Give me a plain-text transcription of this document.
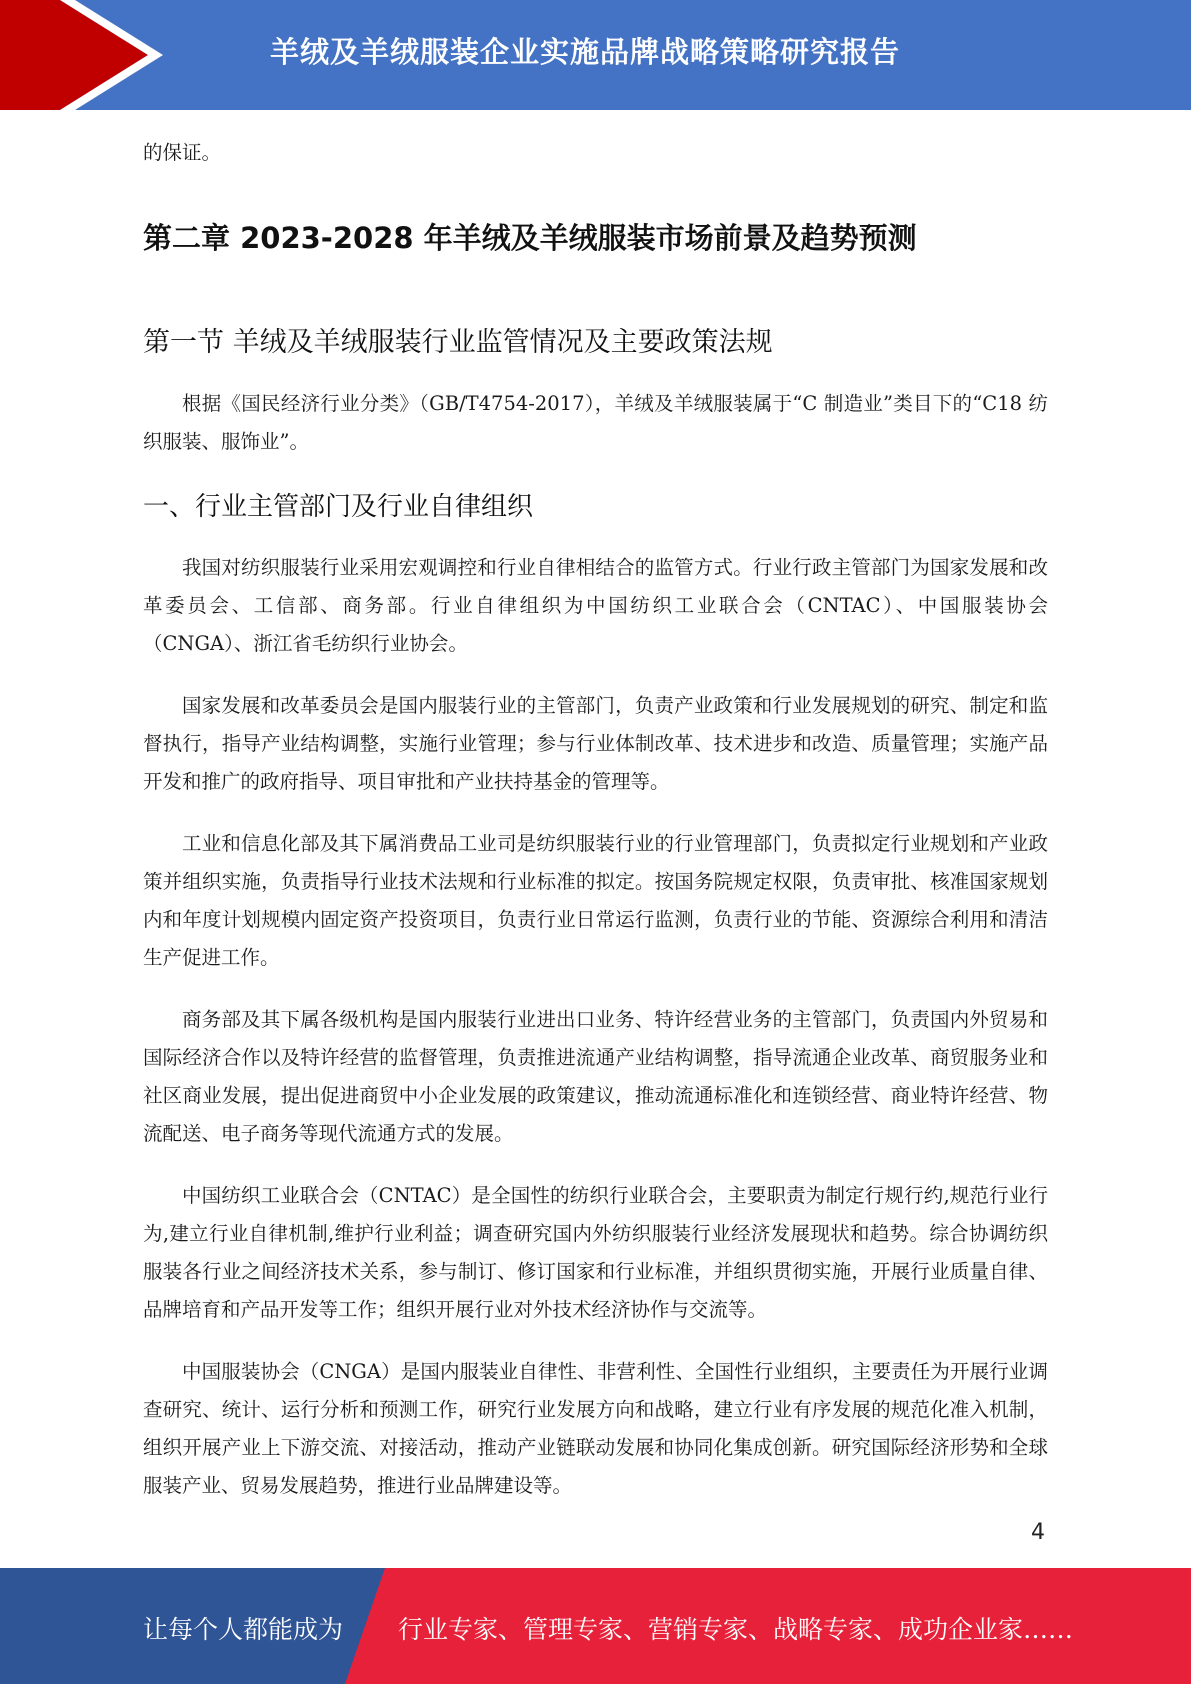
羊绒及羊绒服装企业实施品牌战略策略研究报告

的保证。

第二章 2023-2028 年羊绒及羊绒服装市场前景及趋势预测
第一节 羊绒及羊绒服装行业监管情况及主要政策法规

根据《国民经济行业分类》（GB/T4754-2017），羊绒及羊绒服装属于“C 制造业”类目下的“C18 纺织服装、服饰业”。

一、行业主管部门及行业自律组织

我国对纺织服装行业采用宏观调控和行业自律相结合的监管方式。行业行政主管部门为国家发展和改革委员会、工信部、商务部。行业自律组织为中国纺织工业联合会（CNTAC）、中国服装协会（CNGA）、浙江省毛纺织行业协会。

国家发展和改革委员会是国内服装行业的主管部门，负责产业政策和行业发展规划的研究、制定和监督执行，指导产业结构调整，实施行业管理；参与行业体制改革、技术进步和改造、质量管理；实施产品开发和推广的政府指导、项目审批和产业扶持基金的管理等。

工业和信息化部及其下属消费品工业司是纺织服装行业的行业管理部门，负责拟定行业规划和产业政策并组织实施，负责指导行业技术法规和行业标准的拟定。按国务院规定权限，负责审批、核准国家规划内和年度计划规模内固定资产投资项目，负责行业日常运行监测，负责行业的节能、资源综合利用和清洁生产促进工作。

商务部及其下属各级机构是国内服装行业进出口业务、特许经营业务的主管部门，负责国内外贸易和国际经济合作以及特许经营的监督管理，负责推进流通产业结构调整，指导流通企业改革、商贸服务业和社区商业发展，提出促进商贸中小企业发展的政策建议，推动流通标准化和连锁经营、商业特许经营、物流配送、电子商务等现代流通方式的发展。

中国纺织工业联合会（CNTAC）是全国性的纺织行业联合会，主要职责为制定行规行约,规范行业行为,建立行业自律机制,维护行业利益；调查研究国内外纺织服装行业经济发展现状和趋势。综合协调纺织服装各行业之间经济技术关系，参与制订、修订国家和行业标准，并组织贯彻实施，开展行业质量自律、品牌培育和产品开发等工作；组织开展行业对外技术经济协作与交流等。

中国服装协会（CNGA）是国内服装业自律性、非营利性、全国性行业组织，主要责任为开展行业调查研究、统计、运行分析和预测工作，研究行业发展方向和战略，建立行业有序发展的规范化准入机制，组织开展产业上下游交流、对接活动，推动产业链联动发展和协同化集成创新。研究国际经济形势和全球服装产业、贸易发展趋势，推进行业品牌建设等。

4
让每个人都能成为 行业专家、管理专家、营销专家、战略专家、成功企业家……
